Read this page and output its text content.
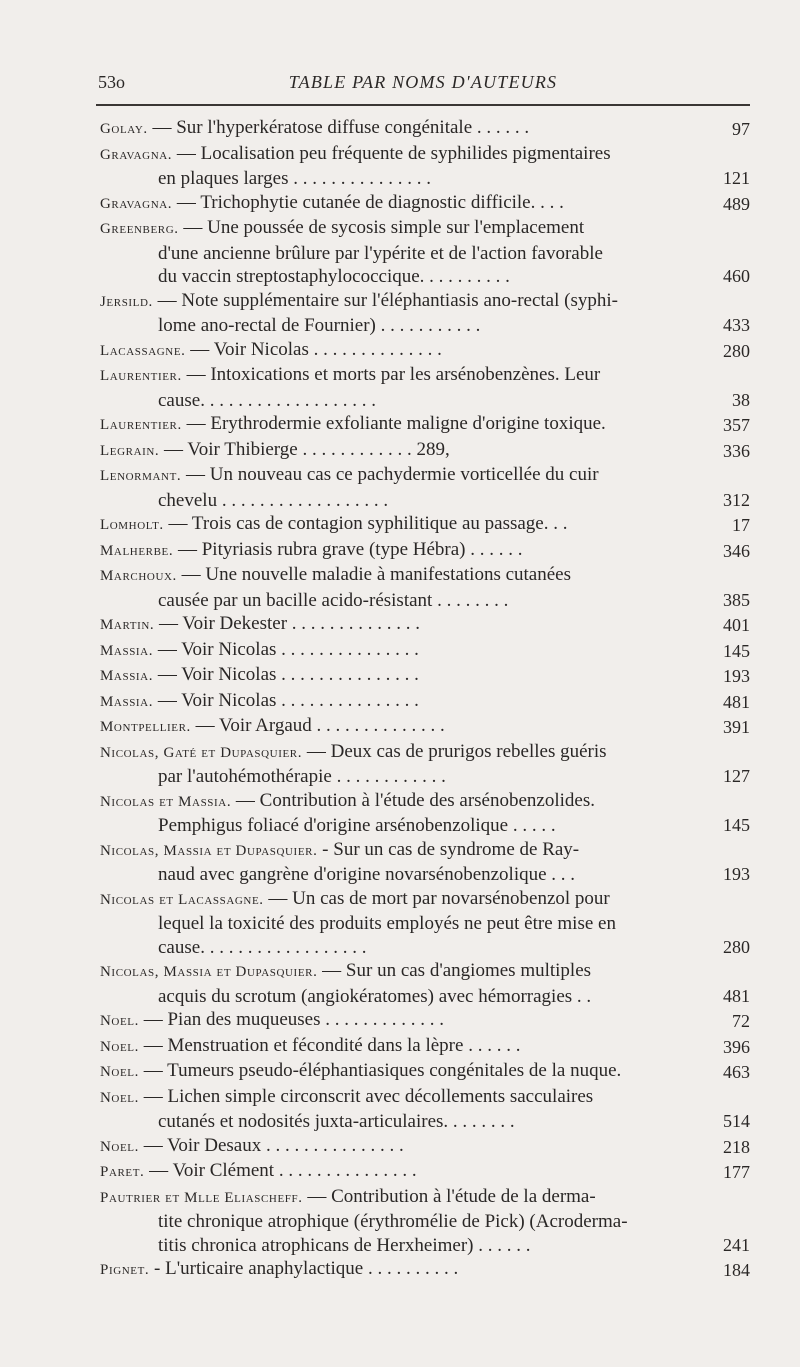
53o	TABLE PAR NOMS D'AUTEURS
Golay. — Sur l'hyperkératose diffuse congénitale . . . . . .	97
Gravagna. — Localisation peu fréquente de syphilides pigmentaires
en plaques larges . . . . . . . . . . . . . . .	121
Gravagna. — Trichophytie cutanée de diagnostic difficile. . . .	489
Greenberg. — Une poussée de sycosis simple sur l'emplacement
d'une ancienne brûlure par l'ypérite et de l'action favorable
du vaccin streptostaphylococcique. . . . . . . . . .	460
Jersild. — Note supplémentaire sur l'éléphantiasis ano-rectal (syphi-
lome ano-rectal de Fournier) . . . . . . . . . . .	433
Lacassagne. — Voir Nicolas . . . . . . . . . . . . . .	280
Laurentier. — Intoxications et morts par les arsénobenzènes. Leur
cause. . . . . . . . . . . . . . . . . . .	38
Laurentier. — Erythrodermie exfoliante maligne d'origine toxique.	357
Legrain. — Voir Thibierge . . . . . . . . . . . . 289,	336
Lenormant. — Un nouveau cas ce pachydermie vorticellée du cuir
chevelu . . . . . . . . . . . . . . . . . .	312
Lomholt. — Trois cas de contagion syphilitique au passage. . .	17
Malherbe. — Pityriasis rubra grave (type Hébra) . . . . . .	346
Marchoux. — Une nouvelle maladie à manifestations cutanées
causée par un bacille acido-résistant . . . . . . . .	385
Martin. — Voir Dekester . . . . . . . . . . . . . .	401
Massia. — Voir Nicolas . . . . . . . . . . . . . . .	145
Massia. — Voir Nicolas . . . . . . . . . . . . . . .	193
Massia. — Voir Nicolas . . . . . . . . . . . . . . .	481
Montpellier. — Voir Argaud . . . . . . . . . . . . . .	391
Nicolas, Gaté et Dupasquier. — Deux cas de prurigos rebelles guéris
par l'autohémothérapie . . . . . . . . . . . .	127
Nicolas et Massia. — Contribution à l'étude des arsénobenzolides.
Pemphigus foliacé d'origine arsénobenzolique . . . . .	145
Nicolas, Massia et Dupasquier. - Sur un cas de syndrome de Ray-
naud avec gangrène d'origine novarsénobenzolique . . .	193
Nicolas et Lacassagne. — Un cas de mort par novarsénobenzol pour
lequel la toxicité des produits employés ne peut être mise en
cause. . . . . . . . . . . . . . . . . .	280
Nicolas, Massia et Dupasquier. — Sur un cas d'angiomes multiples
acquis du scrotum (angiokératomes) avec hémorragies . .	481
Noel. — Pian des muqueuses . . . . . . . . . . . . .	72
Noel. — Menstruation et fécondité dans la lèpre . . . . . .	396
Noel. — Tumeurs pseudo-éléphantiasiques congénitales de la nuque.	463
Noel. — Lichen simple circonscrit avec décollements sacculaires
cutanés et nodosités juxta-articulaires. . . . . . . .	514
Noel. — Voir Desaux . . . . . . . . . . . . . . .	218
Paret. — Voir Clément . . . . . . . . . . . . . . .	177
Pautrier et Mlle Eliascheff. — Contribution à l'étude de la derma-
tite chronique atrophique (érythromélie de Pick) (Acroderma-
titis chronica atrophicans de Herxheimer) . . . . . .	241
Pignet. - L'urticaire anaphylactique . . . . . . . . . .	184
